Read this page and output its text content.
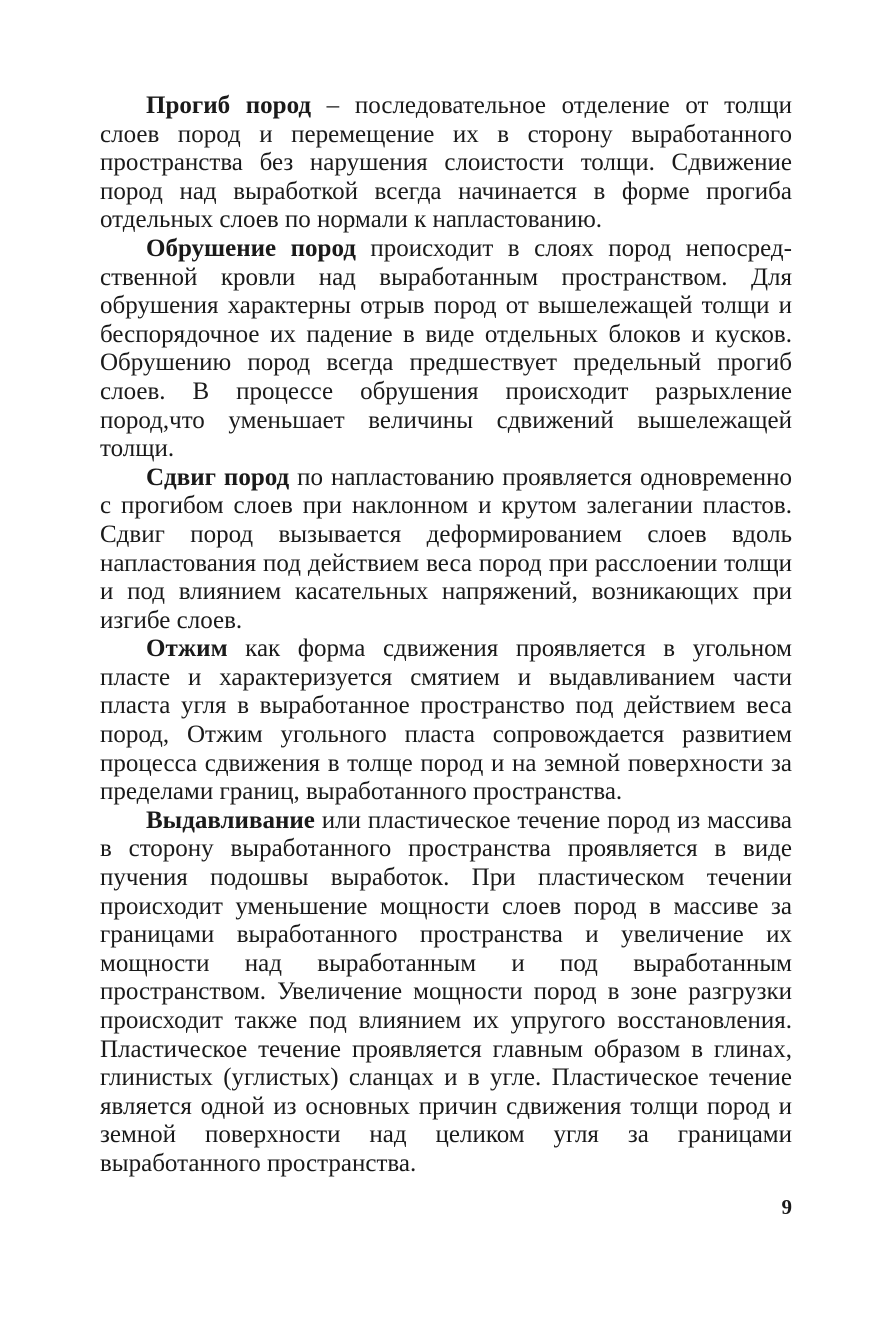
Прогиб пород – последовательное отделение от толщи слоев пород и перемещение их в сторону выработанного пространства без нарушения слоистости толщи. Сдвижение пород над выработкой всегда начинается в форме прогиба отдельных слоев по нормали к напластованию.

Обрушение пород происходит в слоях пород непосредственной кровли над выработанным пространством. Для обрушения характерны отрыв пород от вышележащей толщи и беспорядочное их падение в виде отдельных блоков и кусков. Обрушению пород всегда предшествует предельный прогиб слоев. В процессе обрушения происходит разрыхление пород,что уменьшает величины сдвижений вышележащей толщи.

Сдвиг пород по напластованию проявляется одновременно с прогибом слоев при наклонном и крутом залегании пластов. Сдвиг пород вызывается деформированием слоев вдоль напластования под действием веса пород при расслоении толщи и под влиянием касательных напряжений, возникающих при изгибе слоев.

Отжим как форма сдвижения проявляется в угольном пласте и характеризуется смятием и выдавливанием части пласта угля в выработанное пространство под действием веса пород, Отжим угольного пласта сопровождается развитием процесса сдвижения в толще пород и на земной поверхности за пределами границ, выработанного пространства.

Выдавливание или пластическое течение пород из массива в сторону выработанного пространства проявляется в виде пучения подошвы выработок. При пластическом течении происходит уменьшение мощности слоев пород в массиве за границами выработанного пространства и увеличение их мощности над выработанным и под выработанным пространством. Увеличение мощности пород в зоне разгрузки происходит также под влиянием их упругого восстановления. Пластическое течение проявляется главным образом в глинах, глинистых (углистых) сланцах и в угле. Пластическое течение является одной из основных причин сдвижения толщи пород и земной поверхности над целиком угля за границами выработанного пространства.

9
